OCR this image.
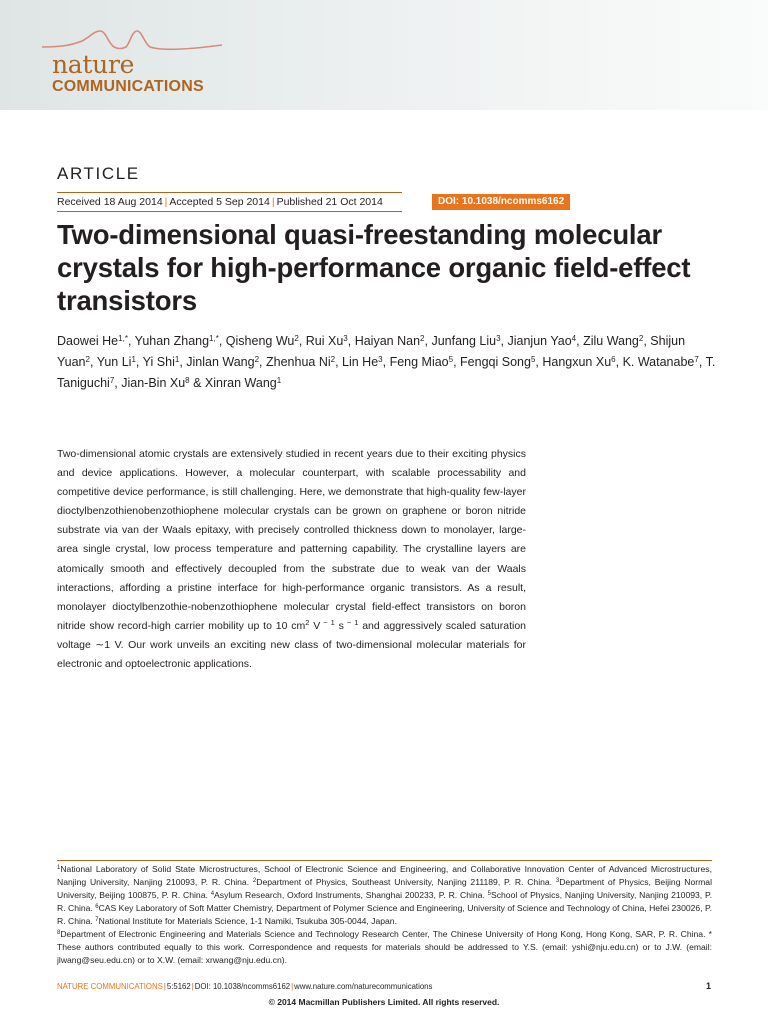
nature
COMMUNICATIONS
ARTICLE
Received 18 Aug 2014 | Accepted 5 Sep 2014 | Published 21 Oct 2014	DOI: 10.1038/ncomms6162
Two-dimensional quasi-freestanding molecular crystals for high-performance organic field-effect transistors
Daowei $He^{1,*}$, Yuhan Zhang$^{1,*}$, Qisheng Wu$^2$, Rui Xu$^3$, Haiyan Nan$^2$, Junfang Liu$^3$, Jianjun Yao$^4$, Zilu Wang$^2$, Shijun Yuan$^2$, Yun Li$^1$, Yi Shi$^1$, Jinlan Wang$^2$, Zhenhua Ni$^2$, Lin He$^3$, Feng Miao$^5$, Fengqi Song$^5$, Hangxun Xu$^6$, K. Watanabe$^7$, T. Taniguchi$^7$, Jian-Bin Xu$^8$ & Xinran Wang$^1$
Two-dimensional atomic crystals are extensively studied in recent years due to their exciting physics and device applications. However, a molecular counterpart, with scalable processability and competitive device performance, is still challenging. Here, we demonstrate that high-quality few-layer dioctylbenzothienobenzothiophene molecular crystals can be grown on graphene or boron nitride substrate via van der Waals epitaxy, with precisely controlled thickness down to monolayer, large-area single crystal, low process temperature and patterning capability. The crystalline layers are atomically smooth and effectively decoupled from the substrate due to weak van der Waals interactions, affording a pristine interface for high-performance organic transistors. As a result, monolayer dioctylbenzothie-nobenzothiophene molecular crystal field-effect transistors on boron nitride show record-high carrier mobility up to 10 $cm^2$ V $^{- 1}$ s $^{- 1}$ and aggressively scaled saturation voltage ∼1 V. Our work unveils an exciting new class of two-dimensional molecular materials for electronic and optoelectronic applications.
$^1$National Laboratory of Solid State Microstructures, School of Electronic Science and Engineering, and Collaborative Innovation Center of Advanced Microstructures, Nanjing University, Nanjing 210093, P. R. China. $^2$Department of Physics, Southeast University, Nanjing 211189, P. R. China. $^3$Department of Physics, Beijing Normal University, Beijing 100875, P. R. China. $^4$Asylum Research, Oxford Instruments, Shanghai 200233, P. R. China. $^5$School of Physics, Nanjing University, Nanjing 210093, P. R. China. $^6$CAS Key Laboratory of Soft Matter Chemistry, Department of Polymer Science and Engineering, University of Science and Technology of China, Hefei 230026, P. R. China. $^7$National Institute for Materials Science, 1-1 Namiki, Tsukuba 305-0044, Japan.
$^8$Department of Electronic Engineering and Materials Science and Technology Research Center, The Chinese University of Hong Kong, Hong Kong, SAR, P. R. China. * These authors contributed equally to this work. Correspondence and requests for materials should be addressed to Y.S. (email: yshi@nju.edu.cn) or to J.W. (email: jlwang@seu.edu.cn) or to X.W. (email: xrwang@nju.edu.cn).
NATURE COMMUNICATIONS|5:5162|DOI: 10.1038/ncomms6162|www.nature.com/naturecommunications	1
© 2014 Macmillan Publishers Limited. All rights reserved.
